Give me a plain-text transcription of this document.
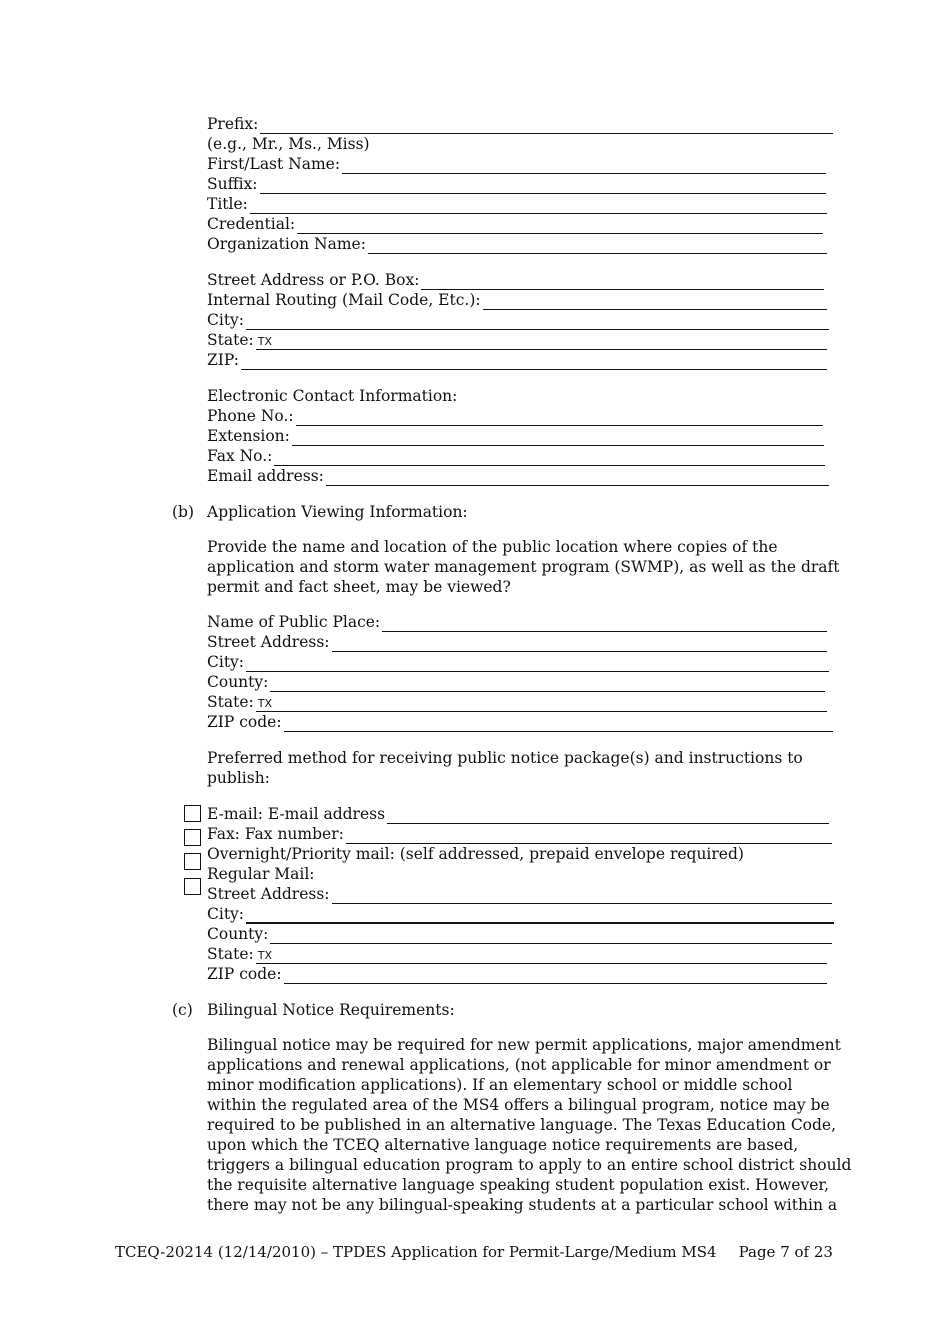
Prefix:
(e.g., Mr., Ms., Miss)
First/Last Name:
Suffix:
Title:
Credential:
Organization Name:
Street Address or P.O. Box:
Internal Routing (Mail Code, Etc.):
City:
State: TX
ZIP:
Electronic Contact Information:
Phone No.:
Extension:
Fax No.:
Email address:
(b) Application Viewing Information:
Provide the name and location of the public location where copies of the
application and storm water management program (SWMP), as well as the draft
permit and fact sheet, may be viewed?
Name of Public Place:
Street Address:
City:
County:
State: TX
ZIP code:
Preferred method for receiving public notice package(s) and instructions to
publish:
E-mail: E-mail address
Fax: Fax number:
Overnight/Priority mail: (self addressed, prepaid envelope required)
Regular Mail:
Street Address:
City:
County:
State: TX
ZIP code:
(c) Bilingual Notice Requirements:
Bilingual notice may be required for new permit applications, major amendment
applications and renewal applications, (not applicable for minor amendment or
minor modification applications). If an elementary school or middle school
within the regulated area of the MS4 offers a bilingual program, notice may be
required to be published in an alternative language. The Texas Education Code,
upon which the TCEQ alternative language notice requirements are based,
triggers a bilingual education program to apply to an entire school district should
the requisite alternative language speaking student population exist. However,
there may not be any bilingual-speaking students at a particular school within a
TCEQ-20214 (12/14/2010) – TPDES Application for Permit-Large/Medium MS4 Page 7 of 23
